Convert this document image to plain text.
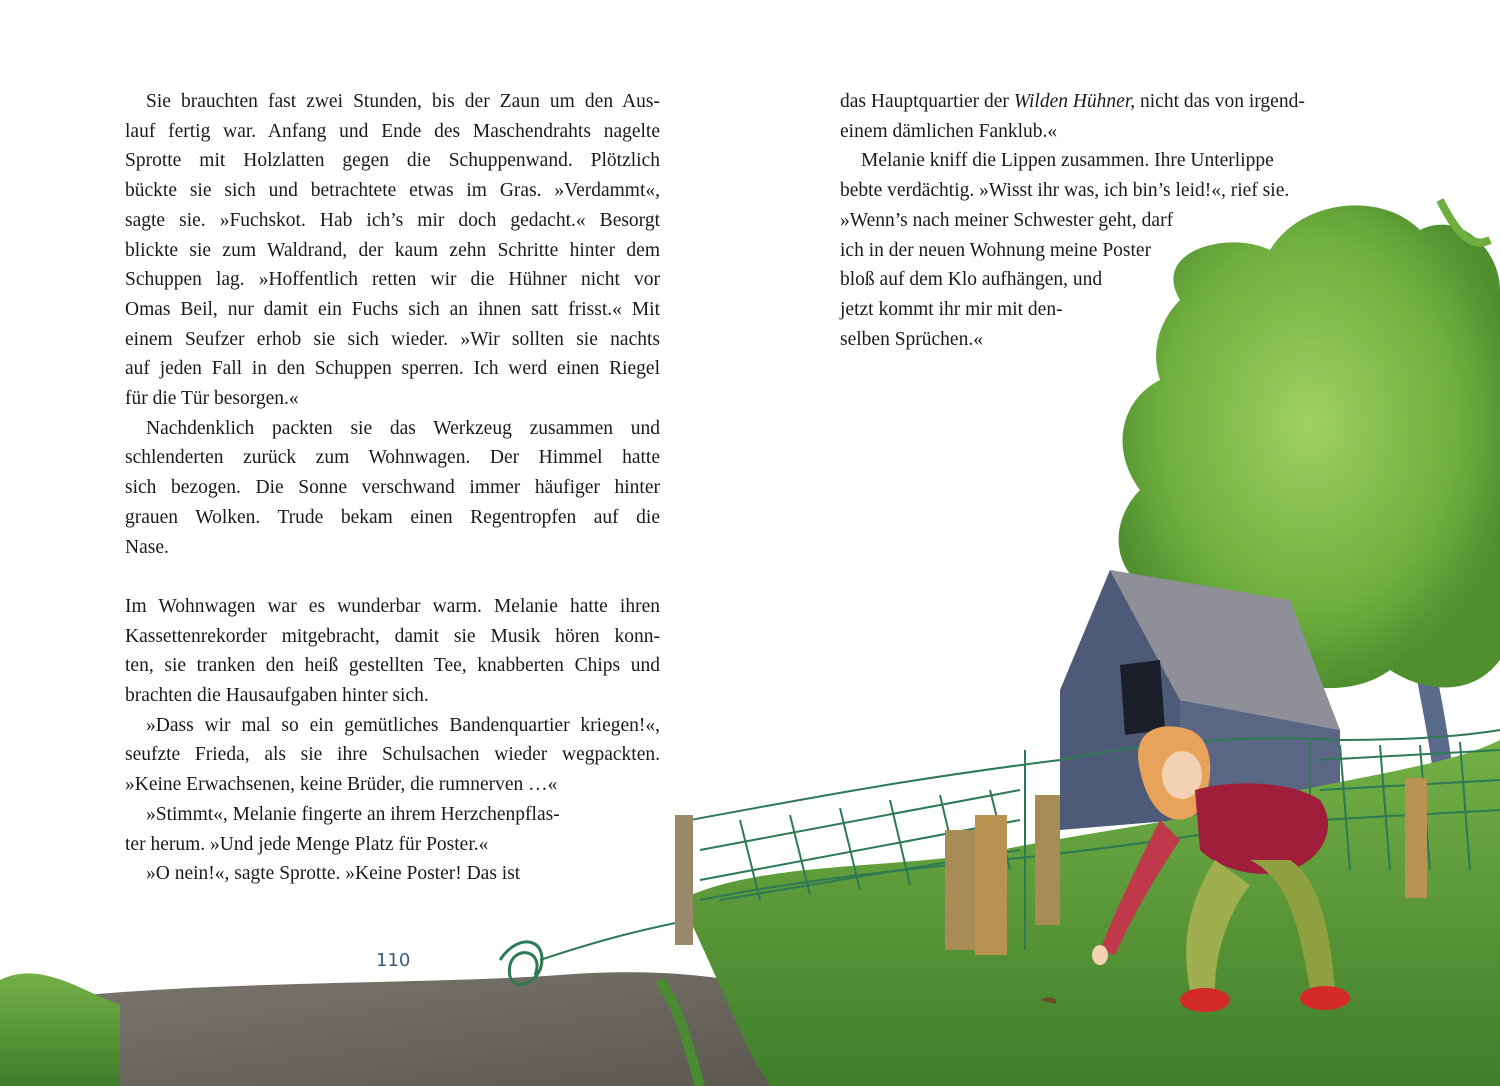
Sie brauchten fast zwei Stunden, bis der Zaun um den Aus-
lauf fertig war. Anfang und Ende des Maschendrahts nagelte
Sprotte mit Holzlatten gegen die Schuppenwand. Plötzlich
bückte sie sich und betrachtete etwas im Gras. »Verdammt«,
sagte sie. »Fuchskot. Hab ich’s mir doch gedacht.« Besorgt
blickte sie zum Waldrand, der kaum zehn Schritte hinter dem
Schuppen lag. »Hoffentlich retten wir die Hühner nicht vor
Omas Beil, nur damit ein Fuchs sich an ihnen satt frisst.« Mit
einem Seufzer erhob sie sich wieder. »Wir sollten sie nachts
auf jeden Fall in den Schuppen sperren. Ich werd einen Riegel
für die Tür besorgen.«
Nachdenklich packten sie das Werkzeug zusammen und
schlenderten zurück zum Wohnwagen. Der Himmel hatte
sich bezogen. Die Sonne verschwand immer häufiger hinter
grauen Wolken. Trude bekam einen Regentropfen auf die
Nase.
Im Wohnwagen war es wunderbar warm. Melanie hatte ihren
Kassettenrekorder mitgebracht, damit sie Musik hören konn-
ten, sie tranken den heiß gestellten Tee, knabberten Chips und
brachten die Hausaufgaben hinter sich.
»Dass wir mal so ein gemütliches Bandenquartier kriegen!«,
seufzte Frieda, als sie ihre Schulsachen wieder wegpackten.
»Keine Erwachsenen, keine Brüder, die rumnerven …«
»Stimmt«, Melanie fingerte an ihrem Herzchenpflas-
ter herum. »Und jede Menge Platz für Poster.«
»O nein!«, sagte Sprotte. »Keine Poster! Das ist
110
das Hauptquartier der Wilden Hühner, nicht das von irgend-
einem dämlichen Fanklub.«
Melanie kniff die Lippen zusammen. Ihre Unterlippe
bebte verdächtig. »Wisst ihr was, ich bin’s leid!«, rief sie.
»Wenn’s nach meiner Schwester geht, darf
ich in der neuen Wohnung meine Poster
bloß auf dem Klo aufhängen, und
jetzt kommt ihr mir mit den-
selben Sprüchen.«
